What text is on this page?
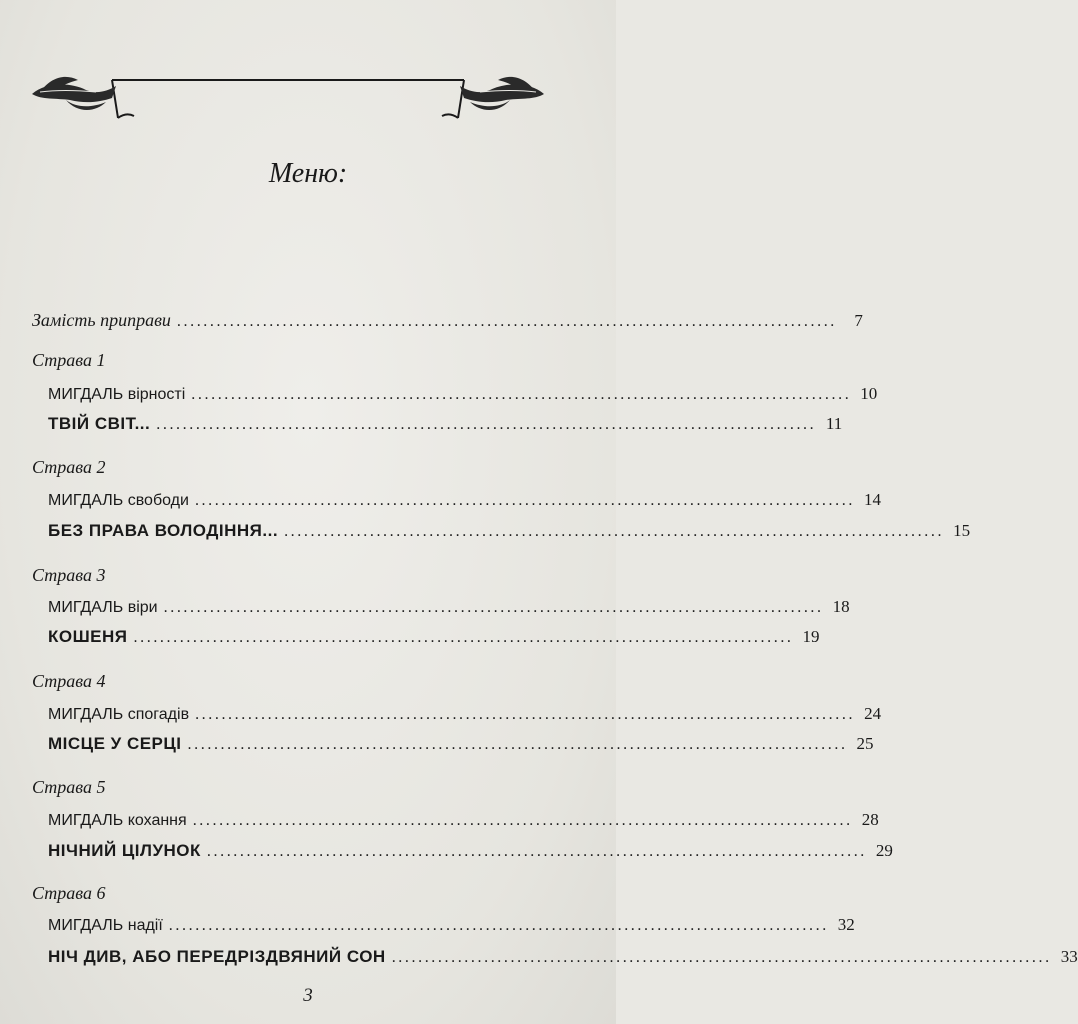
Меню:
Замість приправи ....................................................................................................	7
Страва 1
МИГДАЛЬ вірності .................................................................................................... 10
ТВІЙ СВІТ... .................................................................................................... 11
Страва 2
МИГДАЛЬ свободи .................................................................................................... 14
БЕЗ ПРАВА ВОЛОДІННЯ... .................................................................................................... 15
Страва 3
МИГДАЛЬ віри .................................................................................................... 18
КОШЕНЯ .................................................................................................... 19
Страва 4
МИГДАЛЬ спогадів .................................................................................................... 24
МІСЦЕ У СЕРЦІ .................................................................................................... 25
Страва 5
МИГДАЛЬ кохання .................................................................................................... 28
НІЧНИЙ ЦІЛУНОК .................................................................................................... 29
Страва 6
МИГДАЛЬ надії .................................................................................................... 32
НІЧ ДИВ, АБО ПЕРЕДРІЗДВЯНИЙ СОН .................................................................................................... 33
3
